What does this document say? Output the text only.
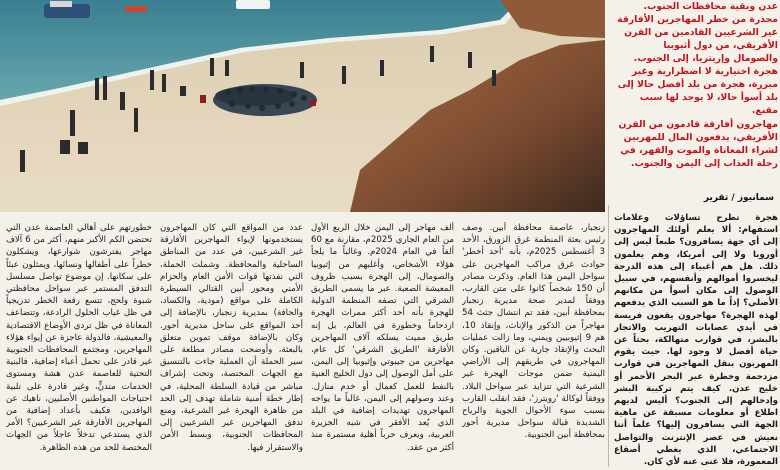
عدن وبقية محافظات الجنوب.

محذرة من خطر المهاجرين الأفارقة

غير الشرعيين القادمين من القرن

الأفريقي، من دول أثيوبيا

والصومال وإريتريا، إلى الجنوب.

هجرة اختيارية لا اضطرارية وغير

مبررة، هجرة من بلد أفضل حالا إلى

بلد أسوأ حالا، لا يوجد لها سبب

مقنع.

مهاجرون أفارقة قادمون من القرن

الأفريقي، يدفعون المال للمهربين

لشراء المعاناة والموت والقهر، في

رحلة العذاب إلى اليمن والجنوب.

سمانيوز / تقرير

هجرة تطرح تساؤلات وعلامات استفهام: ألا يعلم أولئك المهاجرون إلى أي جهة يسافرون؟ طبعاً ليس إلى أوروبا ولا إلى أمريكا، وهم يعلمون ذلك. هل هم أغبياء إلى هذه الدرجة ليخسروا أموالهم وأنفسهم، في سبيل الوصول إلى مكان أسوأ من مكانهم الأصلي؟ إذاً ما هو السبب الذي يدفعهم لهذه الهجرة؟ مهاجرون يقعون فريسة في أيدي عصابات التهريب والاتجار بالبشر، في قوارب متهالكة، بحثاً عن حياة أفضل لا وجود لها. حيث يقوم المهربون بنقل المهاجرين في قوارب مزدحمة وخطرة عبر البحر الأحمر أو خليج عدن. كيف يتم تركيبة البشر وإدخالهم إلى الجنوب؟ أليس لديهم اطلاع أو معلومات مسبقة عن ماهية الجهة التي يسافرون إليها؟ علماً أننا نعيش في عصر الإنترنت والتواصل الاجتماعي، الذي يغطي أصقاع المعمورة، فلا غنى عنه لأي كان.

زنجبار، عاصمة محافظة أبين. وصف رئيس بعثة المنظمة غرق الزورق، الأحد 3 أغسطس 2025م، بأنه 'أحد أخطر' حوادث غرق مراكب المهاجرين على سواحل اليمن هذا العام. وذكرت مصادر أن 150 شخصاً كانوا على متن القارب، ووفقاً لمدير صحة مديرية زنجبار بمحافظة أبين، فقد تم انتشال جثث 54 مهاجراً من الذكور والإناث، وإنقاذ 10، هم 9 إثيوبيين ويمني، وما زالت عمليات البحث والإنقاذ جارية عن الباقين. وكان المهاجرون في طريقهم إلى الأراضي اليمنية ضمن موجات الهجرة غير الشرعية التي تتزايد عبر سواحل البلاد. ووفقاً لوكالة 'رويترز'، فقد انقلب القارب بسبب سوء الأحوال الجوية والرياح الشديدة قبالة سواحل مديرية أحور بمحافظة أبين الجنوبية.

ألف مهاجر إلى اليمن خلال الربع الأول من العام الجاري 2025م، مقارنة مع 60 ألفاً في العام 2024م. وغالباً ما يلجأ هؤلاء الأشخاص، وأغلبهم من إثيوبيا والصومال، إلى الهجرة بسبب ظروف المعيشة الصعبة. عبر ما يسمى الطريق الشرقي التي تصفه المنظمة الدولية للهجرة بأنه أحد أكثر ممرات الهجرة ازدحاماً وخطورة في العالم، بل إنه طريق مميت يسلكه آلاف المهاجرين الأفارقة 'الطريق الشرقي' كل عام، مهاجرين من جيبوتي وإثيوبيا إلى اليمن، على أمل الوصول إلى دول الخليج الغنية بالنفط للعمل كعمال أو خدم منازل. وعند وصولهم إلى اليمن، غالباً ما يواجه المهاجرون تهديدات إضافية في البلد الذي يُعد الأفقر في شبه الجزيرة العربية، ويعرف حرباً أهلية مستمرة منذ أكثر من عقد.

عدد من المواقع التي كان المهاجرون يستخدمونها لإيواء المهاجرين الأفارقة غير الشرعيين، في عدد من المناطق الساحلية والمحافظة. وشملت الحملة، التي نفذتها قوات الأمن العام والحزام الأمني ومحور أبين القتالي السيطرة الكاملة على مواقع (مودية، والكساد، والحافة) بمديرية زنجبار، بالإضافة إلى أحد المواقع على ساحل مديرية أحور. وكان بالإضافة موقف تموين متعلق بالبعثة، وأوضحت مصادر مطلعة على سير الحملة أن العملية جاءت بالتنسيق مع الجهات المختصة، وتحت إشراف مباشر من قيادة السلطة المحلية، في إطار خطة أمنية شاملة تهدف إلى الحد من ظاهرة الهجرة غير الشرعية، ومنع تدفق المهاجرين غير الشرعيين إلى المحافظات الجنوبية، وبسط الأمن والاستقرار فيها.

خطورتهم على أهالي العاصمة عدن التي تحتضن الكم الأكبر منهم، أكثر من 6 آلاف مهاجر يفترشون شوارعها، ويشكلون خطراً على أطفالها ونسائها، ويمثلون عبئاً على سكانها. إن موضوع تواصل مسلسل التدفق المستمر عبر سواحل محافظتي شبوة ولحج، تتسع رقعة الخطر تدريجياً في ظل غياب الحلول الرادعة، وتتضاعف المعاناة في ظل تردي الأوضاع الاقتصادية والمعيشية، فالدولة عاجزة عن إيواء هؤلاء المهاجرين، ومجتمع المحافظات الجنوبية غير قادر على تحمل أعباء إضافية، فالبنية التحتية للعاصمة عدن هشة ومستوى الخدمات متدنٍّ، وغير قادرة على تلبية احتياجات المواطنين الأصليين، ناهيك عن الوافدين، فكيف بأعداد إضافية من المهاجرين الأفارقة غير الشرعيين؟ الأمر الذي يستدعي تدخلاً عاجلاً من الجهات المختصة للحد من هذه الظاهرة.
